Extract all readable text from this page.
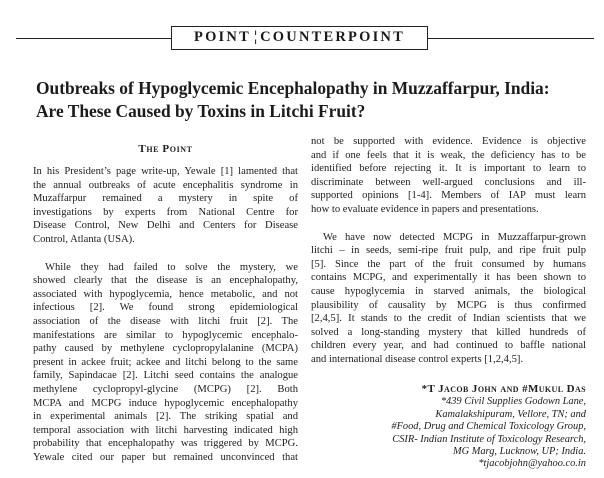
POINT ¦ COUNTERPOINT
Outbreaks of Hypoglycemic Encephalopathy in Muzzaffarpur, India:
Are These Caused by Toxins in Litchi Fruit?
The Point
In his President’s page write-up, Yewale [1] lamented that
the annual outbreaks of acute encephalitis syndrome in
Muzaffarpur remained a mystery in spite of
investigations by experts from National Centre for
Disease Control, New Delhi and Centers for Disease
Control, Atlanta (USA).
While they had failed to solve the mystery, we
showed clearly that the disease is an encephalopathy,
associated with hypoglycemia, hence metabolic, and not
infectious [2]. We found strong epidemiological
association of the disease with litchi fruit [2]. The
manifestations are similar to hypoglycemic encephalo-
pathy caused by methylene cyclopropylalanine (MCPA)
present in ackee fruit; ackee and litchi belong to the same
family, Sapindacae [2]. Litchi seed contains the analogue
methylene cyclopropyl-glycine (MCPG) [2]. Both
MCPA and MCPG induce hypoglycemic encephalopathy
in experimental animals [2]. The striking spatial and
temporal association with litchi harvesting indicated high
probability that encephalopathy was triggered by MCPG.
Yewale cited our paper but remained unconvinced that
not be supported with evidence. Evidence is objective
and if one feels that it is weak, the deficiency has to be
identified before rejecting it. It is important to learn to
discriminate between well-argued conclusions and ill-
supported opinions [1-4]. Members of IAP must learn
how to evaluate evidence in papers and presentations.
We have now detected MCPG in Muzzaffarpur-grown
litchi – in seeds, semi-ripe fruit pulp, and ripe fruit pulp
[5]. Since the part of the fruit consumed by humans
contains MCPG, and experimentally it has been shown to
cause hypoglycemia in starved animals, the biological
plausibility of causality by MCPG is thus confirmed
[2,4,5]. It stands to the credit of Indian scientists that we
solved a long-standing mystery that killed hundreds of
children every year, and had continued to baffle national
and international disease control experts [1,2,4,5].
*T Jacob John and #Mukul Das
*439 Civil Supplies Godown Lane,
Kamalakshipuram, Vellore, TN; and
#Food, Drug and Chemical Toxicology Group,
CSIR- Indian Institute of Toxicology Research,
MG Marg, Lucknow, UP; India.
*tjacobjohn@yahoo.co.in
